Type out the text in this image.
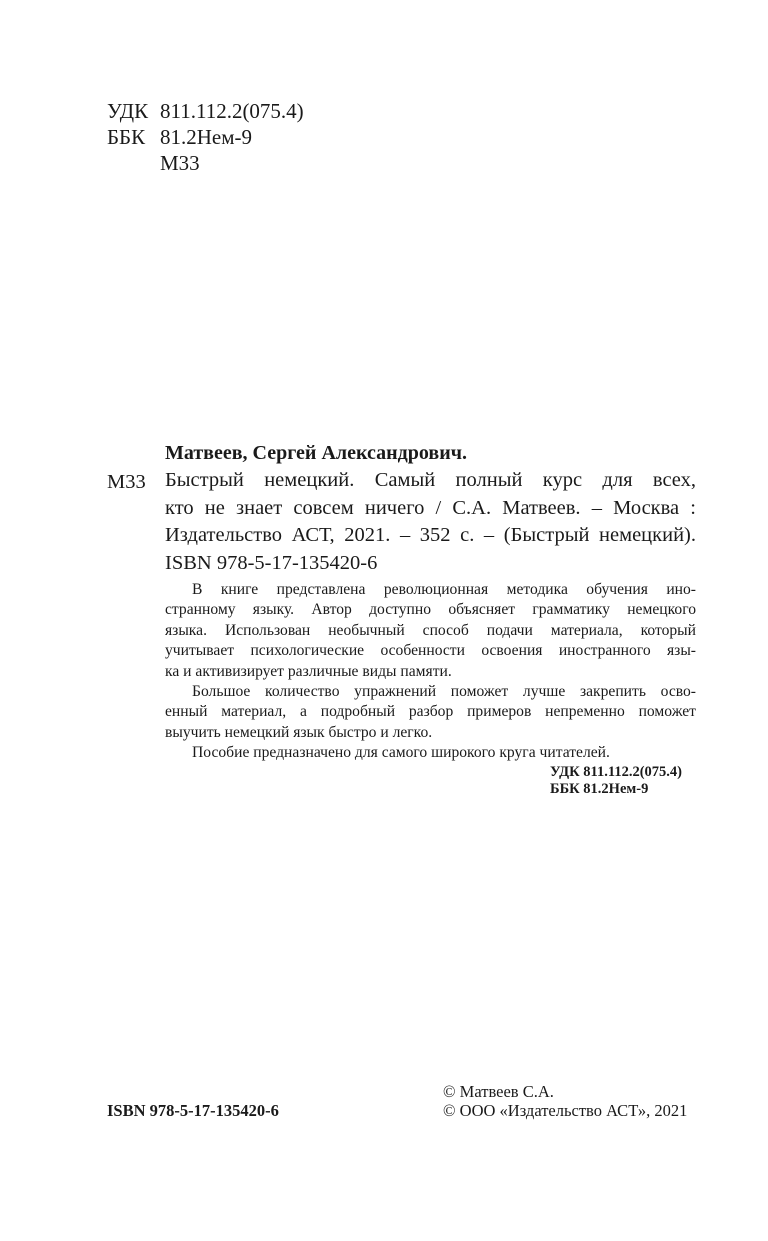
УДК 811.112.2(075.4)
ББК 81.2Нем-9
М33
Матвеев, Сергей Александрович.
М33 Быстрый немецкий. Самый полный курс для всех,
кто не знает совсем ничего / С.А. Матвеев. – Москва :
Издательство АСТ, 2021. – 352 с. – (Быстрый немецкий).
ISBN 978-5-17-135420-6
В книге представлена революционная методика обучения ино-
странному языку. Автор доступно объясняет грамматику немецкого
языка. Использован необычный способ подачи материала, который
учитывает психологические особенности освоения иностранного язы-
ка и активизирует различные виды памяти.
Большое количество упражнений поможет лучше закрепить осво-
енный материал, а подробный разбор примеров непременно поможет
выучить немецкий язык быстро и легко.
Пособие предназначено для самого широкого круга читателей.
УДК 811.112.2(075.4)
ББК 81.2Нем-9
© Матвеев С.А.
ISBN 978-5-17-135420-6	© ООО «Издательство АСТ», 2021
